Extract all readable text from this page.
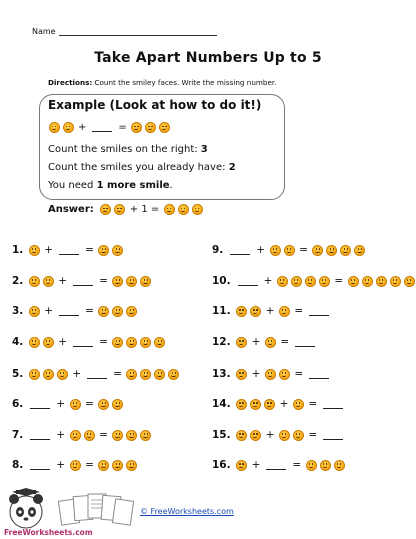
Name
Take Apart Numbers Up to 5
Directions: Count the smiley faces. Write the missing number.
Example (Look at how to do it!)
+	=
Count the smiles on the right: 3
Count the smiles you already have: 2
You need 1 more smile.
Answer:	+ 1 =
1. +	=
2.	+	=
3. +	=
4.	+	=
5.	+	=
6.	+ =
7.	+	=
8.	+ =
9.	+	=
10.	+	=
11.	+ =
12. + =
13. +	=
14.	+ =
15.	+	=
16. +	=
FreeWorksheets.com
© FreeWorksheets.com
